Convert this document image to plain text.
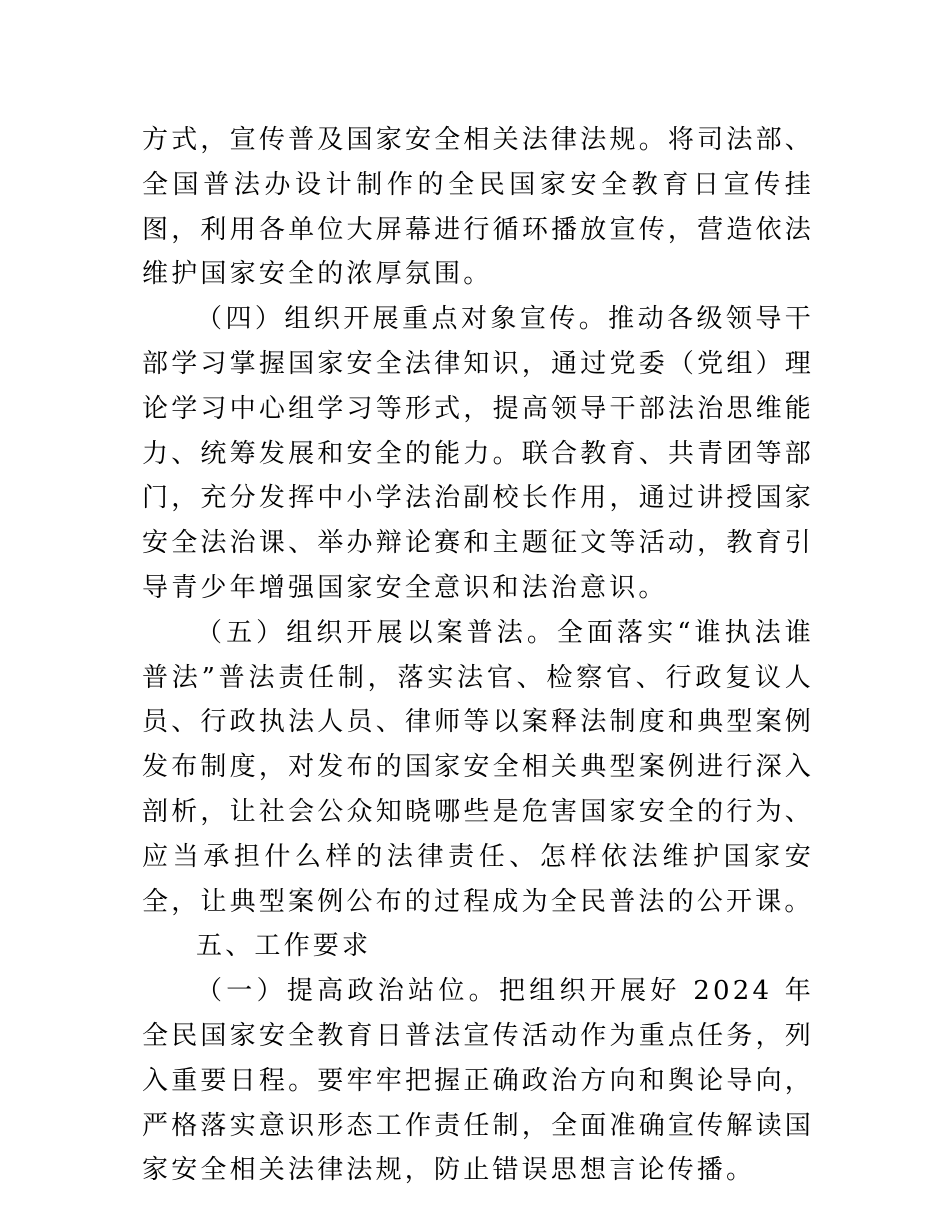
方式，宣传普及国家安全相关法律法规。将司法部、全国普法办设计制作的全民国家安全教育日宣传挂图，利用各单位大屏幕进行循环播放宣传，营造依法维护国家安全的浓厚氛围。

（四）组织开展重点对象宣传。推动各级领导干部学习掌握国家安全法律知识，通过党委（党组）理论学习中心组学习等形式，提高领导干部法治思维能力、统筹发展和安全的能力。联合教育、共青团等部门，充分发挥中小学法治副校长作用，通过讲授国家安全法治课、举办辩论赛和主题征文等活动，教育引导青少年增强国家安全意识和法治意识。

（五）组织开展以案普法。全面落实“谁执法谁普法”普法责任制，落实法官、检察官、行政复议人员、行政执法人员、律师等以案释法制度和典型案例发布制度，对发布的国家安全相关典型案例进行深入剖析，让社会公众知晓哪些是危害国家安全的行为、应当承担什么样的法律责任、怎样依法维护国家安全，让典型案例公布的过程成为全民普法的公开课。

五、工作要求

（一）提高政治站位。把组织开展好 2024 年全民国家安全教育日普法宣传活动作为重点任务，列入重要日程。要牢牢把握正确政治方向和舆论导向，严格落实意识形态工作责任制，全面准确宣传解读国家安全相关法律法规，防止错误思想言论传播。
